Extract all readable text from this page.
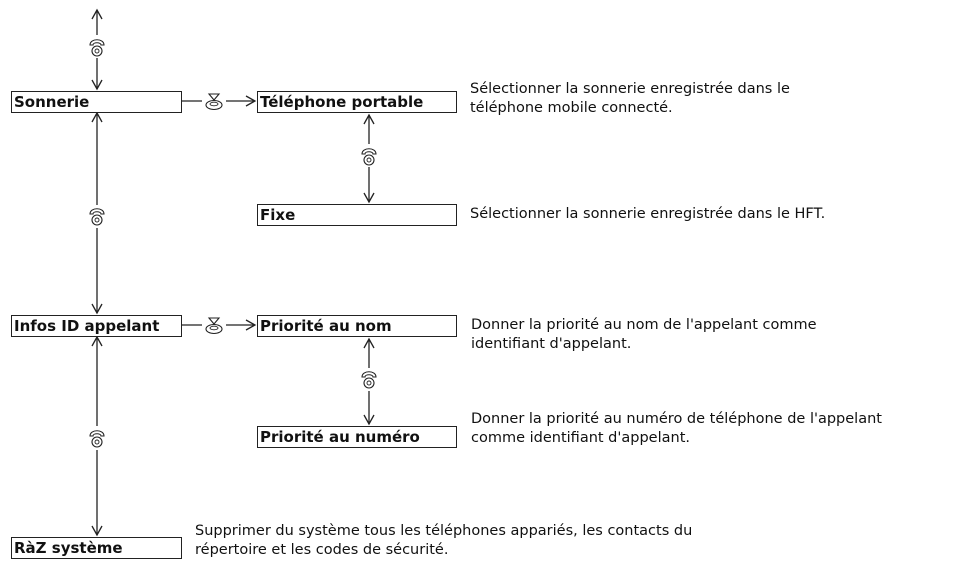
Sonnerie
Infos ID appelant
RàZ système
Téléphone portable
Fixe
Priorité au nom
Priorité au numéro
Sélectionner la sonnerie enregistrée dans le
téléphone mobile connecté.
Sélectionner la sonnerie enregistrée dans le HFT.
Donner la priorité au nom de l'appelant comme
identifiant d'appelant.
Donner la priorité au numéro de téléphone de l'appelant
comme identifiant d'appelant.
Supprimer du système tous les téléphones appariés, les contacts du
répertoire et les codes de sécurité.
